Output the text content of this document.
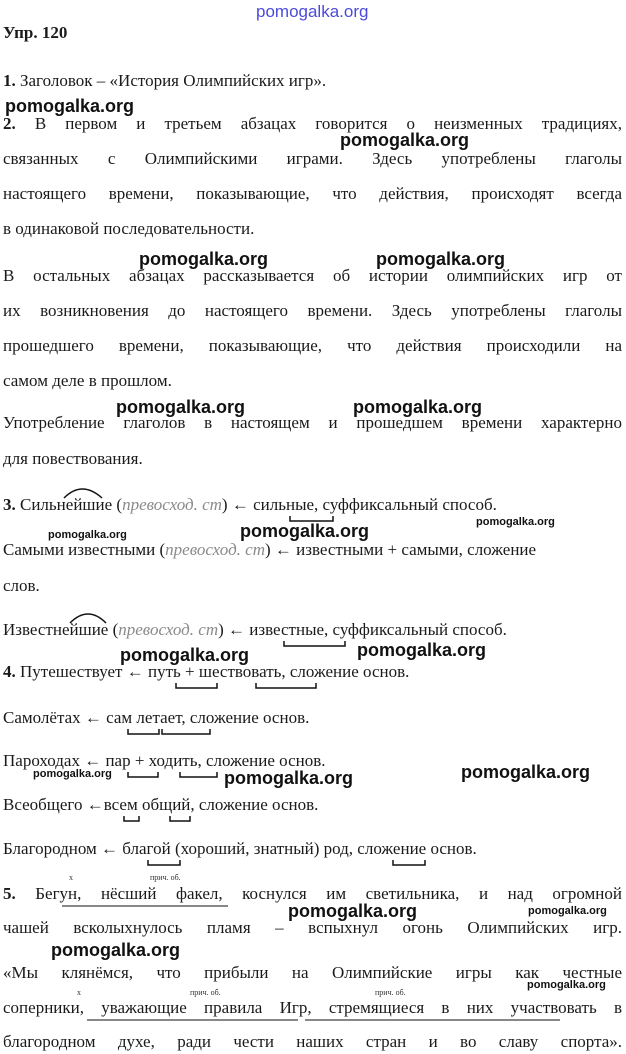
pomogalka.org
Упр. 120
1. Заголовок – «История Олимпийских игр».
2. В первом и третьем абзацах говорится о неизменных традициях,
связанных с Олимпийскими играми. Здесь употреблены глаголы
настоящего времени, показывающие, что действия, происходят всегда
в одинаковой последовательности.
В остальных абзацах рассказывается об истории олимпийских игр от
их возникновения до настоящего времени. Здесь употреблены глаголы
прошедшего времени, показывающие, что действия происходили на
самом деле в прошлом.
Употребление глаголов в настоящем и прошедшем времени характерно
для повествования.
3. Сильнейшие (превосход. ст) ← сильные, суффиксальный способ.
Самыми известными (превосход. ст) ← известными + самыми, сложение
слов.
Известнейшие (превосход. ст) ← известные, суффиксальный способ.
4. Путешествует ← путь + шествовать, сложение основ.
Самолётах ← сам летает, сложение основ.
Пароходах ← пар + ходить, сложение основ.
Всеобщего ←всем общий, сложение основ.
Благородном ← благой (хороший, знатный) род, сложение основ.
x	прич. об.
5. Бегун, нёсший факел, коснулся им светильника, и над огромной
чашей всколыхнулось пламя – вспыхнул огонь Олимпийских игр.
«Мы клянёмся, что прибыли на Олимпийские игры как честные
x	прич. об.	прич. об.
соперники, уважающие правила Игр, стремящиеся в них участвовать в
благородном духе, ради чести наших стран и во славу спорта».
pomogalka.org
pomogalka.org
pomogalka.org	pomogalka.org
pomogalka.org	pomogalka.org
pomogalka.org	pomogalka.org	pomogalka.org
pomogalka.org	pomogalka.org
pomogalka.org	pomogalka.org	pomogalka.org
pomogalka.org	pomogalka.org
pomogalka.org
pomogalka.org
